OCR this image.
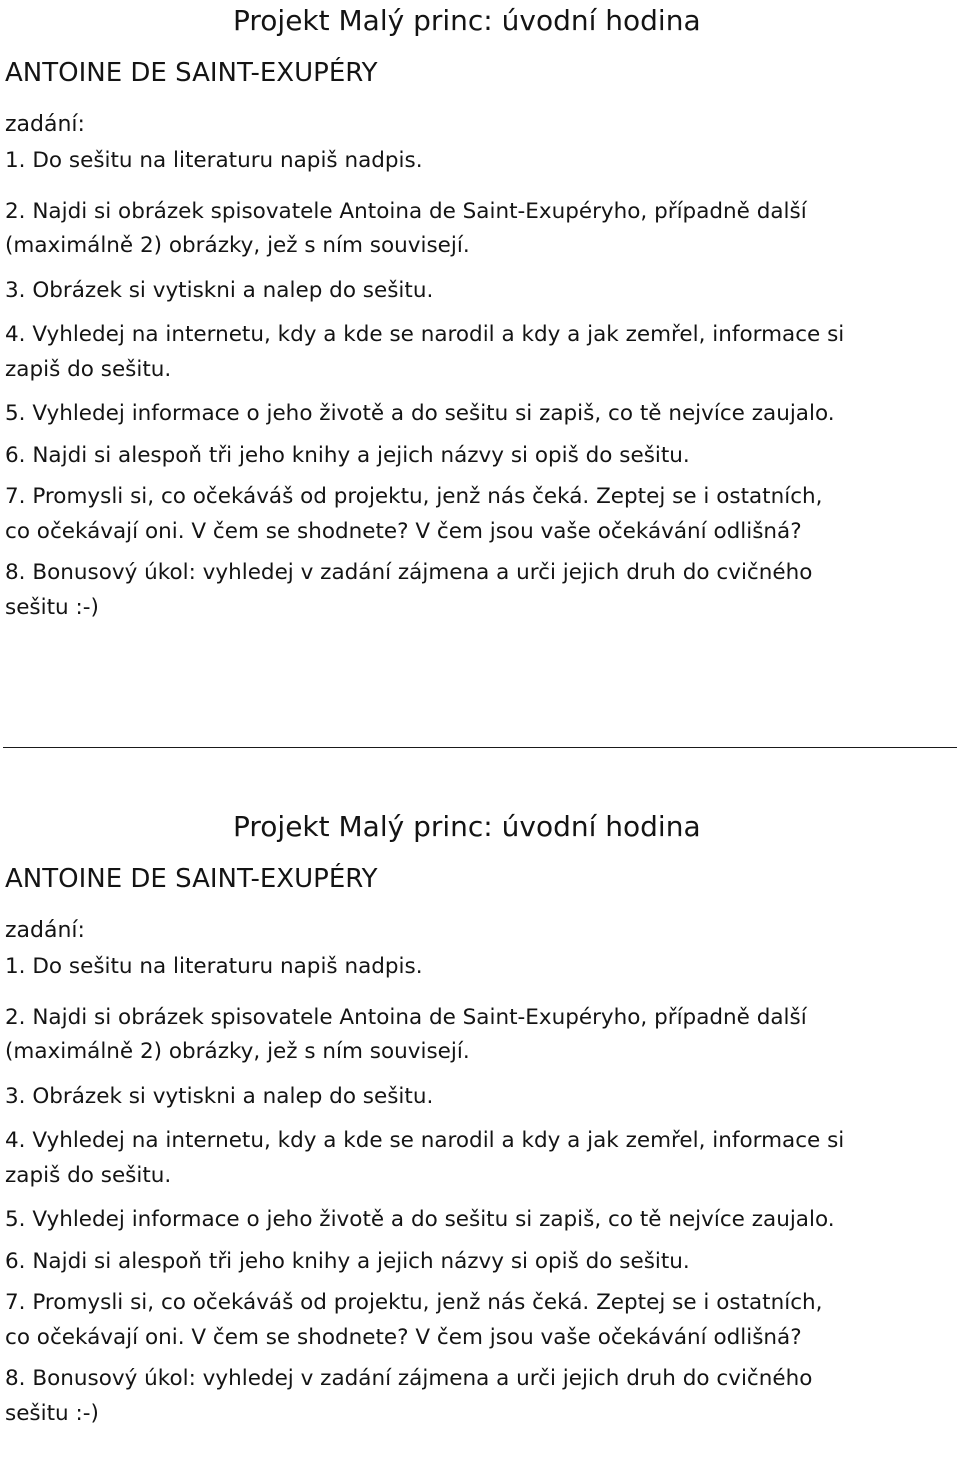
Projekt Malý princ: úvodní hodina
ANTOINE DE SAINT-EXUPÉRY
zadání:
1. Do sešitu na literaturu napiš nadpis.
2. Najdi si obrázek spisovatele Antoina de Saint-Exupéryho, případně další
(maximálně 2) obrázky, jež s ním souvisejí.
3. Obrázek si vytiskni a nalep do sešitu.
4. Vyhledej na internetu, kdy a kde se narodil a kdy a jak zemřel, informace si
zapiš do sešitu.
5. Vyhledej informace o jeho životě a do sešitu si zapiš, co tě nejvíce zaujalo.
6. Najdi si alespoň tři jeho knihy a jejich názvy si opiš do sešitu.
7. Promysli si, co očekáváš od projektu, jenž nás čeká. Zeptej se i ostatních,
co očekávají oni. V čem se shodnete? V čem jsou vaše očekávání odlišná?
8. Bonusový úkol: vyhledej v zadání zájmena a urči jejich druh do cvičného
sešitu :-)
Projekt Malý princ: úvodní hodina
ANTOINE DE SAINT-EXUPÉRY
zadání:
1. Do sešitu na literaturu napiš nadpis.
2. Najdi si obrázek spisovatele Antoina de Saint-Exupéryho, případně další
(maximálně 2) obrázky, jež s ním souvisejí.
3. Obrázek si vytiskni a nalep do sešitu.
4. Vyhledej na internetu, kdy a kde se narodil a kdy a jak zemřel, informace si
zapiš do sešitu.
5. Vyhledej informace o jeho životě a do sešitu si zapiš, co tě nejvíce zaujalo.
6. Najdi si alespoň tři jeho knihy a jejich názvy si opiš do sešitu.
7. Promysli si, co očekáváš od projektu, jenž nás čeká. Zeptej se i ostatních,
co očekávají oni. V čem se shodnete? V čem jsou vaše očekávání odlišná?
8. Bonusový úkol: vyhledej v zadání zájmena a urči jejich druh do cvičného
sešitu :-)
